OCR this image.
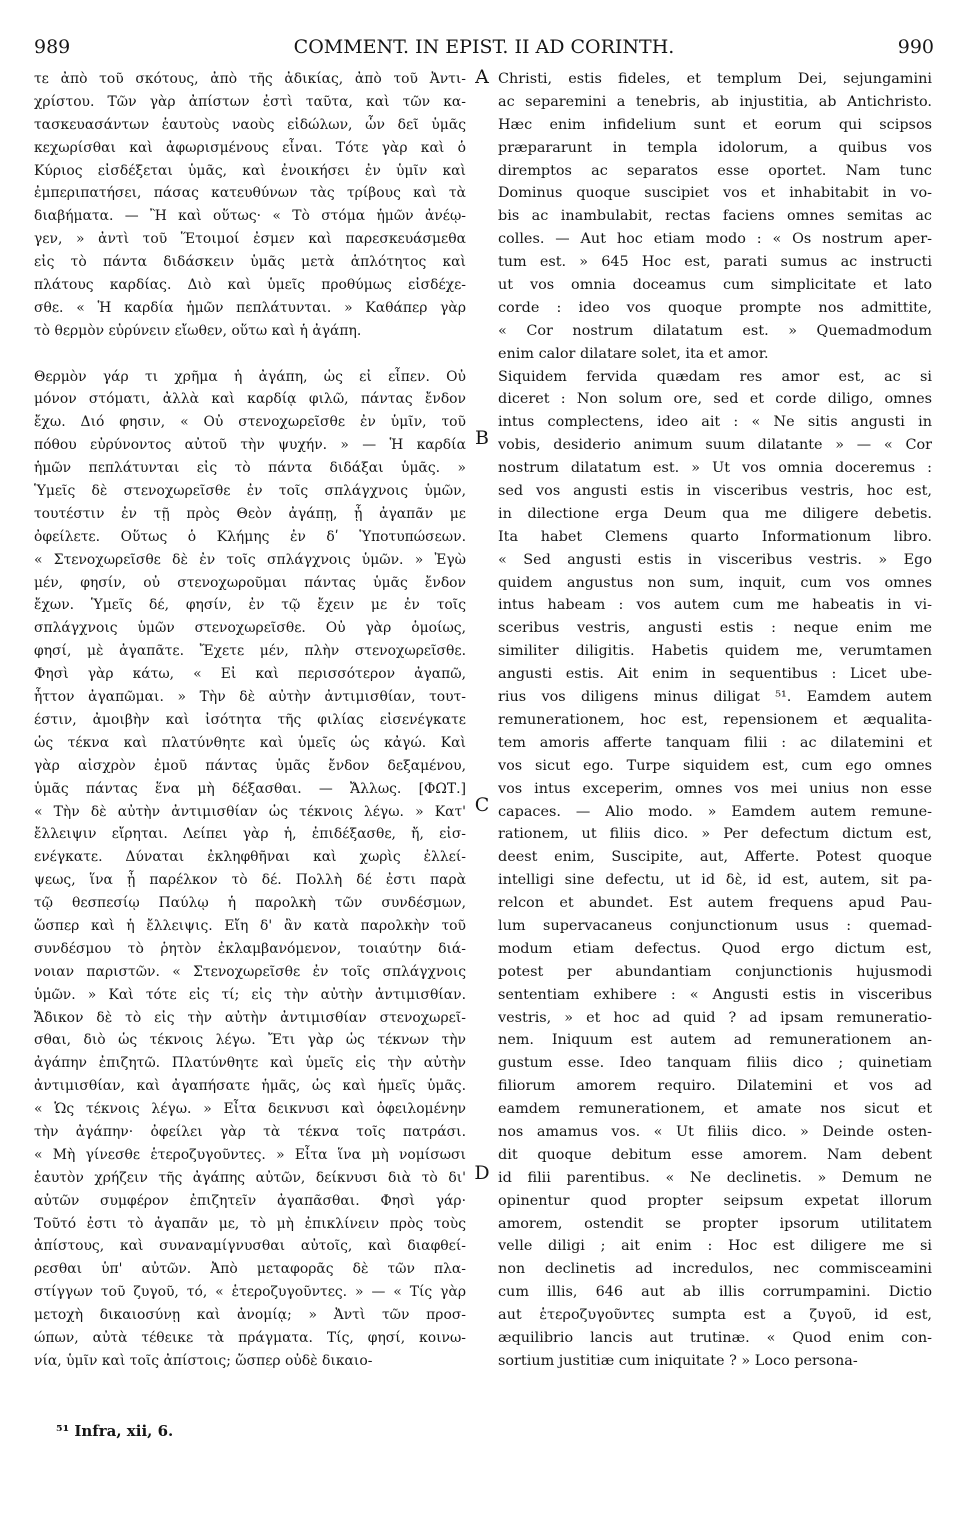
989	COMMENT. IN EPIST. II AD CORINTH.	990
τε ἀπὸ τοῦ σκότους, ἀπὸ τῆς ἀδικίας, ἀπὸ τοῦ Ἀντι-
χρίστου. Τῶν γὰρ ἀπίστων ἐστὶ ταῦτα, καὶ τῶν κα-
τασκευασάντων ἑαυτοὺς ναοὺς εἰδώλων, ὧν δεῖ ὑμᾶς
κεχωρίσθαι καὶ ἀφωρισμένους εἶναι. Τότε γὰρ καὶ ὁ
Κύριος εἰσδέξεται ὑμᾶς, καὶ ἐνοικήσει ἐν ὑμῖν καὶ
ἐμπεριπατήσει, πάσας κατευθύνων τὰς τρίβους καὶ τὰ
διαβήματα. — Ἢ καὶ οὕτως· « Τὸ στόμα ἡμῶν ἀνέῳ-
γεν, » ἀντὶ τοῦ Ἕτοιμοί ἐσμεν καὶ παρεσκευάσμεθα
εἰς τὸ πάντα διδάσκειν ὑμᾶς μετὰ ἁπλότητος καὶ
πλάτους καρδίας. Διὸ καὶ ὑμεῖς προθύμως εἰσδέχε-
σθε. « Ἡ καρδία ἡμῶν πεπλάτυνται. » Καθάπερ γὰρ
τὸ θερμὸν εὐρύνειν εἴωθεν, οὕτω καὶ ἡ ἀγάπη.
Θερμὸν γάρ τι χρῆμα ἡ ἀγάπη, ὡς εἰ εἶπεν. Οὐ
μόνον στόματι, ἀλλὰ καὶ καρδίᾳ φιλῶ, πάντας ἔνδον
ἔχω. Διό φησιν, « Οὐ στενοχωρεῖσθε ἐν ὑμῖν, τοῦ
πόθου εὐρύνοντος αὐτοῦ τὴν ψυχήν. » — Ἡ καρδία
ἡμῶν πεπλάτυνται εἰς τὸ πάντα διδάξαι ὑμᾶς. »
Ὑμεῖς δὲ στενοχωρεῖσθε ἐν τοῖς σπλάγχνοις ὑμῶν,
τουτέστιν ἐν τῇ πρὸς Θεὸν ἀγάπῃ, ᾗ ἀγαπᾶν με
ὀφείλετε. Οὕτως ὁ Κλήμης ἐν δʹ Ὑποτυπώσεων.
« Στενοχωρεῖσθε δὲ ἐν τοῖς σπλάγχνοις ὑμῶν. » Ἐγὼ
μέν, φησίν, οὐ στενοχωροῦμαι πάντας ὑμᾶς ἔνδον
ἔχων. Ὑμεῖς δέ, φησίν, ἐν τῷ ἔχειν με ἐν τοῖς
σπλάγχνοις ὑμῶν στενοχωρεῖσθε. Οὐ γὰρ ὁμοίως,
φησί, μὲ ἀγαπᾶτε. Ἔχετε μέν, πλὴν στενοχωρεῖσθε.
Φησὶ γὰρ κάτω, « Εἰ καὶ περισσότερον ἀγαπῶ,
ἧττον ἀγαπῶμαι. » Τὴν δὲ αὐτὴν ἀντιμισθίαν, τουτ-
έστιν, ἀμοιβὴν καὶ ἰσότητα τῆς φιλίας εἰσενέγκατε
ὡς τέκνα καὶ πλατύνθητε καὶ ὑμεῖς ὡς κἀγώ. Καὶ
γὰρ αἰσχρὸν ἐμοῦ πάντας ὑμᾶς ἔνδον δεξαμένου,
ὑμᾶς πάντας ἕνα μὴ δέξασθαι. — Ἄλλως. [ΦΩΤ.]
« Τὴν δὲ αὐτὴν ἀντιμισθίαν ὡς τέκνοις λέγω. » Κατ'
ἔλλειψιν εἴρηται. Λείπει γὰρ ἡ, ἐπιδέξασθε, ἤ, εἰσ-
ενέγκατε. Δύναται ἐκληφθῆναι καὶ χωρὶς ἐλλεί-
ψεως, ἵνα ᾖ παρέλκον τὸ δέ. Πολλὴ δέ ἐστι παρὰ
τῷ θεσπεσίῳ Παύλῳ ἡ παρολκὴ τῶν συνδέσμων,
ὥσπερ καὶ ἡ ἔλλειψις. Εἴη δ' ἂν κατὰ παρολκὴν τοῦ
συνδέσμου τὸ ῥητὸν ἐκλαμβανόμενον, τοιαύτην διά-
νοιαν παριστῶν. « Στενοχωρεῖσθε ἐν τοῖς σπλάγχνοις
ὑμῶν. » Καὶ τότε εἰς τί; εἰς τὴν αὐτὴν ἀντιμισθίαν.
Ἄδικον δὲ τὸ εἰς τὴν αὐτὴν ἀντιμισθίαν στενοχωρεῖ-
σθαι, διὸ ὡς τέκνοις λέγω. Ἔτι γὰρ ὡς τέκνων τὴν
ἀγάπην ἐπιζητῶ. Πλατύνθητε καὶ ὑμεῖς εἰς τὴν αὐτὴν
ἀντιμισθίαν, καὶ ἀγαπήσατε ἡμᾶς, ὡς καὶ ἡμεῖς ὑμᾶς.
« Ὡς τέκνοις λέγω. » Εἶτα δεικνυσι καὶ ὀφειλομένην
τὴν ἀγάπην· ὀφείλει γὰρ τὰ τέκνα τοῖς πατράσι.
« Μὴ γίνεσθε ἑτεροζυγοῦντες. » Εἶτα ἵνα μὴ νομίσωσι
ἑαυτὸν χρήζειν τῆς ἀγάπης αὐτῶν, δείκνυσι διὰ τὸ δι'
αὐτῶν συμφέρον ἐπιζητεῖν ἀγαπᾶσθαι. Φησὶ γάρ·
Τοῦτό ἐστι τὸ ἀγαπᾶν με, τὸ μὴ ἐπικλίνειν πρὸς τοὺς
ἀπίστους, καὶ συναναμίγνυσθαι αὐτοῖς, καὶ διαφθεί-
ρεσθαι ὑπ' αὐτῶν. Ἀπὸ μεταφορᾶς δὲ τῶν πλα-
στίγγων τοῦ ζυγοῦ, τό, « ἑτεροζυγοῦντες. » — « Τίς γὰρ
μετοχὴ δικαιοσύνῃ καὶ ἀνομίᾳ; » Ἀντὶ τῶν προσ-
ώπων, αὐτὰ τέθεικε τὰ πράγματα. Τίς, φησί, κοινω-
νία, ὑμῖν καὶ τοῖς ἀπίστοις; ὥσπερ οὐδὲ δικαιο-
A
B
C
D
Christi, estis fideles, et templum Dei, sejungamini
ac separemini a tenebris, ab injustitia, ab Antichristo.
Hæc enim infidelium sunt et eorum qui scipsos
præpararunt in templa idolorum, a quibus vos
diremptos ac separatos esse oportet. Nam tunc
Dominus quoque suscipiet vos et inhabitabit in vo-
bis ac inambulabit, rectas faciens omnes semitas ac
colles. — Aut hoc etiam modo : « Os nostrum aper-
tum est. » 645 Hoc est, parati sumus ac instructi
ut vos omnia doceamus cum simplicitate et lato
corde : ideo vos quoque prompte nos admittite,
« Cor nostrum dilatatum est. » Quemadmodum
enim calor dilatare solet, ita et amor.
Siquidem fervida quædam res amor est, ac si
diceret : Non solum ore, sed et corde diligo, omnes
intus complectens, ideo ait : « Ne sitis angusti in
vobis, desiderio animum suum dilatante » — « Cor
nostrum dilatatum est. » Ut vos omnia doceremus :
sed vos angusti estis in visceribus vestris, hoc est,
in dilectione erga Deum qua me diligere debetis.
Ita habet Clemens quarto Informationum libro.
« Sed angusti estis in visceribus vestris. » Ego
quidem angustus non sum, inquit, cum vos omnes
intus habeam : vos autem cum me habeatis in vi-
sceribus vestris, angusti estis : neque enim me
similiter diligitis. Habetis quidem me, verumtamen
angusti estis. Ait enim in sequentibus : Licet ube-
rius vos diligens minus diligat ⁵¹. Eamdem autem
remunerationem, hoc est, repensionem et æqualita-
tem amoris afferte tanquam filii : ac dilatemini et
vos sicut ego. Turpe siquidem est, cum ego omnes
vos intus exceperim, omnes vos mei unius non esse
capaces. — Alio modo. » Eamdem autem remune-
rationem, ut filiis dico. » Per defectum dictum est,
deest enim, Suscipite, aut, Afferte. Potest quoque
intelligi sine defectu, ut id δὲ, id est, autem, sit pa-
relcon et abundet. Est autem frequens apud Pau-
lum supervacaneus conjunctionum usus : quemad-
modum etiam defectus. Quod ergo dictum est,
potest per abundantiam conjunctionis hujusmodi
sententiam exhibere : « Angusti estis in visceribus
vestris, » et hoc ad quid ? ad ipsam remuneratio-
nem. Iniquum est autem ad remunerationem an-
gustum esse. Ideo tanquam filiis dico ; quinetiam
filiorum amorem requiro. Dilatemini et vos ad
eamdem remunerationem, et amate nos sicut et
nos amamus vos. « Ut filiis dico. » Deinde osten-
dit quoque debitum esse amorem. Nam debent
id filii parentibus. « Ne declinetis. » Demum ne
opinentur quod propter seipsum expetat illorum
amorem, ostendit se propter ipsorum utilitatem
velle diligi ; ait enim : Hoc est diligere me si
non declinetis ad incredulos, nec commisceamini
cum illis, 646 aut ab illis corrumpamini. Dictio
aut ἑτεροζυγοῦντες sumpta est a ζυγοῦ, id est,
æquilibrio lancis aut trutinæ. « Quod enim con-
sortium justitiæ cum iniquitate ? » Loco persona-
⁵¹ Infra, xii, 6.
